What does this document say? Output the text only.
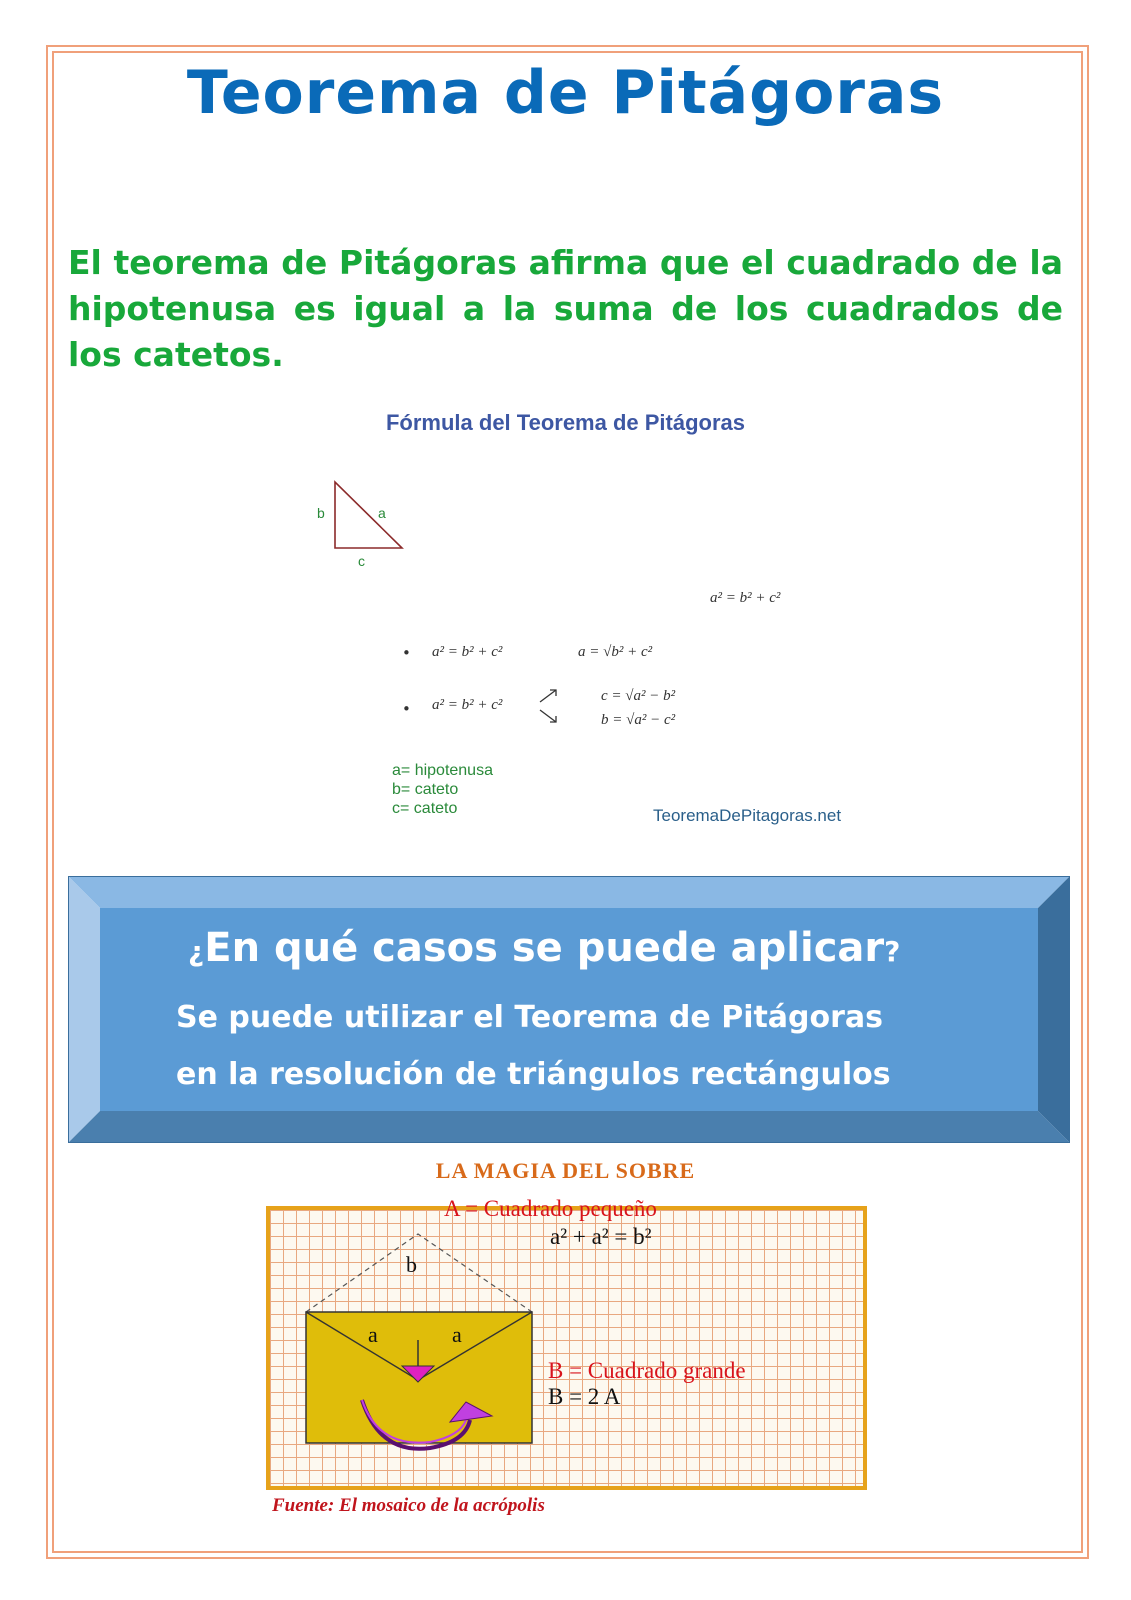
Teorema de Pitágoras

El teorema de Pitágoras afirma que el cuadrado de la hipotenusa es igual a la suma de los cuadrados de los catetos.

Fórmula del Teorema de Pitágoras
b	a
c
a² = b² + c²
• a² = b² + c²	a = √b² + c²
• a² = b² + c²
c = √a² − b²
b = √a² − c²
a= hipotenusa
b= cateto
c= cateto	TeoremaDePitagoras.net
¿En qué casos se puede aplicar?
Se puede utilizar el Teorema de Pitágoras
en la resolución de triángulos rectángulos
LA MAGIA DEL SOBRE
A = Cuadrado pequeño
a² + a² = b²
b
a	a
B = Cuadrado grande
B = 2 A
Fuente: El mosaico de la acrópolis
